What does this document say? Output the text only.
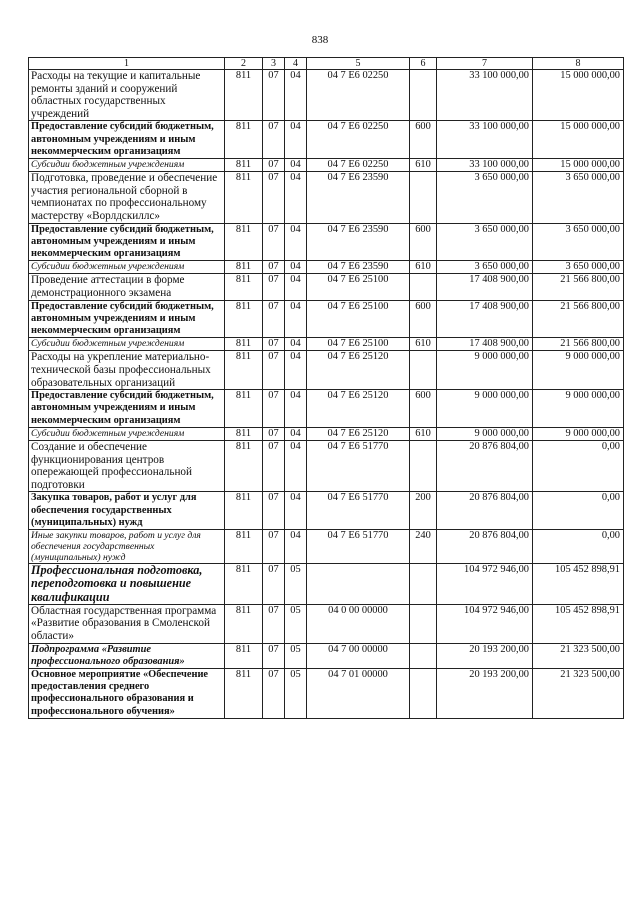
838
1	2	3	4	5	6	7	8
Расходы на текущие и капитальные ремонты зданий и сооружений областных государственных учреждений	811	07	04	04 7 Е6 02250		33 100 000,00	15 000 000,00
Предоставление субсидий бюджетным, автономным учреждениям и иным некоммерческим организациям	811	07	04	04 7 Е6 02250	600	33 100 000,00	15 000 000,00
Субсидии бюджетным учреждениям	811	07	04	04 7 Е6 02250	610	33 100 000,00	15 000 000,00
Подготовка, проведение и обеспечение участия региональной сборной в чемпионатах по профессиональному мастерству «Ворлдскиллс»	811	07	04	04 7 Е6 23590		3 650 000,00	3 650 000,00
Предоставление субсидий бюджетным, автономным учреждениям и иным некоммерческим организациям	811	07	04	04 7 Е6 23590	600	3 650 000,00	3 650 000,00
Субсидии бюджетным учреждениям	811	07	04	04 7 Е6 23590	610	3 650 000,00	3 650 000,00
Проведение аттестации в форме демонстрационного экзамена	811	07	04	04 7 Е6 25100		17 408 900,00	21 566 800,00
Предоставление субсидий бюджетным, автономным учреждениям и иным некоммерческим организациям	811	07	04	04 7 Е6 25100	600	17 408 900,00	21 566 800,00
Субсидии бюджетным учреждениям	811	07	04	04 7 Е6 25100	610	17 408 900,00	21 566 800,00
Расходы на укрепление материально-технической базы профессиональных образовательных организаций	811	07	04	04 7 Е6 25120		9 000 000,00	9 000 000,00
Предоставление субсидий бюджетным, автономным учреждениям и иным некоммерческим организациям	811	07	04	04 7 Е6 25120	600	9 000 000,00	9 000 000,00
Субсидии бюджетным учреждениям	811	07	04	04 7 Е6 25120	610	9 000 000,00	9 000 000,00
Создание и обеспечение функционирования центров опережающей профессиональной подготовки	811	07	04	04 7 Е6 51770		20 876 804,00	0,00
Закупка товаров, работ и услуг для обеспечения государственных (муниципальных) нужд	811	07	04	04 7 Е6 51770	200	20 876 804,00	0,00
Иные закупки товаров, работ и услуг для обеспечения государственных (муниципальных) нужд	811	07	04	04 7 Е6 51770	240	20 876 804,00	0,00
Профессиональная подготовка, переподготовка и повышение квалификации	811	07	05			104 972 946,00	105 452 898,91
Областная государственная программа «Развитие образования в Смоленской области»	811	07	05	04 0 00 00000		104 972 946,00	105 452 898,91
Подпрограмма «Развитие профессионального образования»	811	07	05	04 7 00 00000		20 193 200,00	21 323 500,00
Основное мероприятие «Обеспечение предоставления среднего профессионального образования и профессионального обучения»	811	07	05	04 7 01 00000		20 193 200,00	21 323 500,00
